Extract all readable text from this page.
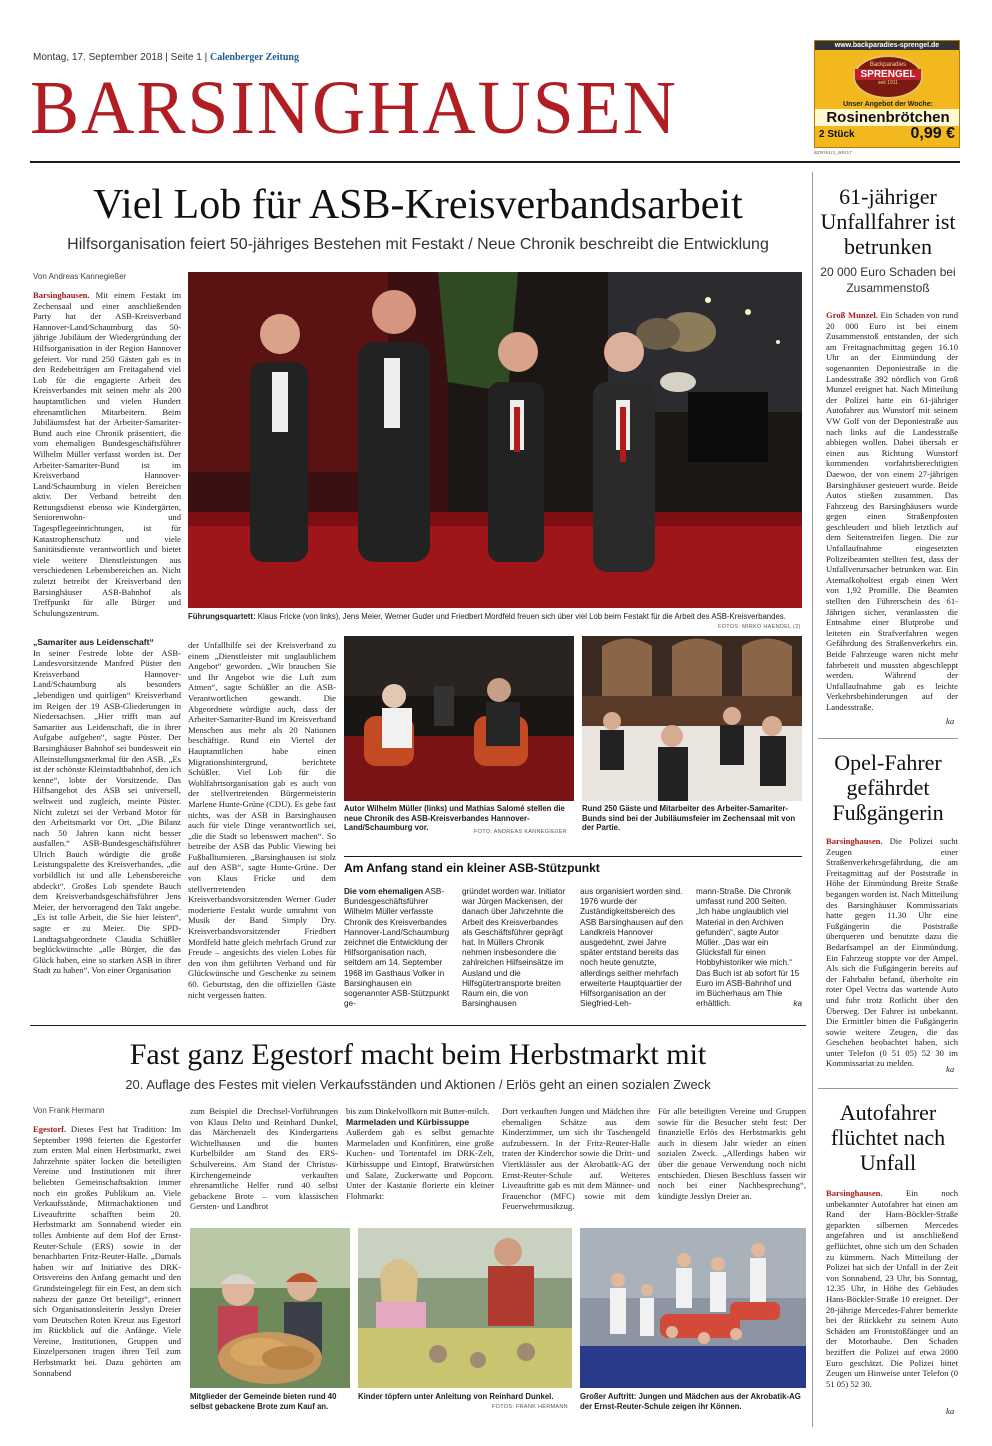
Montag, 17. September 2018 | Seite 1 | Calenberger Zeitung
BARSINGHAUSEN
www.backparadies-sprengel.de
Backparadies
SPRENGEL
seit 1911
Unser Angebot der Woche:
Rosinenbrötchen
2 Stück	0,99 €
BZR/91/1_BR/17
Viel Lob für ASB-Kreisverbandsarbeit
Hilfsorganisation feiert 50-jähriges Bestehen mit Festakt / Neue Chronik beschreibt die Entwicklung
Von Andreas Kannegießer
Barsinghausen. Mit einem Festakt im Zechensaal und einer anschließenden Party hat der ASB-Kreisverband Hannover-Land/Schaumburg das 50-jährige Jubiläum der Wiedergründung der Hilfsorganisation in der Region Hannover gefeiert. Vor rund 250 Gästen gab es in den Redebeiträgen am Freitagabend viel Lob für die engagierte Arbeit des Kreisverbandes mit seinen mehr als 200 hauptamtlichen und vielen Hundert ehrenamtlichen Mitarbeitern. Beim Jubiläumsfest hat der Arbeiter-Samariter-Bund auch eine Chronik präsentiert, die vom ehemaligen Bundesgeschäftsführer Wilhelm Müller verfasst worden ist. Der Arbeiter-Samariter-Bund ist im Kreisverband Hannover-Land/Schaumburg in vielen Bereichen aktiv. Der Verband betreibt den Rettungsdienst ebenso wie Kindergärten, Seniorenwohn- und Tagespflegeeinrichtungen, ist für Katastrophenschutz und viele Sanitätsdienste verantwortlich und bietet viele weitere Dienstleistungen aus verschiedenen Lebensbereichen an. Nicht zuletzt betreibt der Kreisverband den Barsinghäuser ASB-Bahnhof als Treffpunkt für alle Bürger und Schulungszentrum.
„Samariter aus Leidenschaft“
In seiner Festrede lobte der ASB-Landesvorsitzende Manfred Püster den Kreisverband Hannover-Land/Schaumburg als besonders „lebendigen und quirligen“ Kreisverband im Reigen der 19 ASB-Gliederungen in Niedersachsen. „Hier trifft man auf Samariter aus Leidenschaft, die in ihrer Aufgabe aufgehen“, sagte Püster. Der Barsinghäuser Bahnhof sei bundesweit ein Alleinstellungsmerkmal für den ASB. „Es ist der schönste Kleinstadtbahnhof, den ich kenne“, lobte der Vorsitzende. Das Hilfsangebot des ASB sei universell, weltweit und zugleich, meinte Püster. Nicht zuletzt sei der Verband Motor für den Arbeitsmarkt vor Ort. „Die Bilanz nach 50 Jahren kann nicht besser ausfallen.“ ASB-Bundesgeschäftsführer Ulrich Bauch würdigte die große Leistungspalette des Kreisverbandes, „die vorbildlich ist und alle Lebensbereiche abdeckt“. Großes Lob spendete Bauch dem Kreisverbandsgeschäftsführer Jens Meier, der hervorragend den Takt angebe. „Es ist tolle Arbeit, die Sie hier leisten“, sagte er zu Meier. Die SPD-Landtagsabgeordnete Claudia Schüßler beglückwünschte „alle Bürger, die das Glück haben, eine so starken ASB in ihrer Stadt zu haben“. Von einer Organisation
Führungsquartett: Klaus Fricke (von links), Jens Meier, Werner Guder und Friedbert Mordfeld freuen sich über viel Lob beim Festakt für die Arbeit des ASB-Kreisverbandes.
FOTOS: MIRKO HAENDEL (2)
der Unfallhilfe sei der Kreisverband zu einem „Dienstleister mit unglaublichem Angebot“ geworden. „Wir brauchen Sie und Ihr Angebot wie die Luft zum Atmen“, sagte Schüßler an die ASB-Verantwortlichen gewandt. Die Abgeordnete würdigte auch, dass der Arbeiter-Samariter-Bund im Kreisverband Menschen aus mehr als 20 Nationen beschäftige. Rund ein Viertel der Hauptamtlichen habe einen Migrationshintergrund, berichtete Schüßler. Viel Lob für die Wohlfahrtsorganisation gab es auch von der stellvertretenden Bürgermeisterin Marlene Hunte-Grüne (CDU). Es gebe fast nichts, was der ASB in Barsinghausen auch für viele Dinge verantwortlich sei, „die die Stadt so lebenswert machen“. So betreibe der ASB das Public Viewing bei Fußballturnieren. „Barsinghausen ist stolz auf den ASB“, sagte Hunte-Grüne. Der von Klaus Fricke und dem stellvertretenden Kreisverbandsvorsitzenden Werner Guder moderierte Festakt wurde umrahmt von Musik der Band Simply Dry. Kreisverbandsvorsitzender Friedbert Mordfeld hatte gleich mehrfach Grund zur Freude – angesichts des vielen Lobes für den von ihm geführten Verband und für Glückwünsche und Geschenke zu seinem 60. Geburtstag, den die offiziellen Gäste nicht vergessen hatten.
Autor Wilhelm Müller (links) und Mathias Salomé stellen die neue Chronik des ASB-Kreisverbandes Hannover-Land/Schaumburg vor.	FOTO: ANDREAS KANNEGIEßER
Rund 250 Gäste und Mitarbeiter des Arbeiter-Samariter-Bunds sind bei der Jubiläumsfeier im Zechensaal mit von der Partie.
Am Anfang stand ein kleiner ASB-Stützpunkt
Die vom ehemaligen ASB-Bundesgeschäftsführer Wilhelm Müller verfasste Chronik des Kreisverbandes Hannover-Land/Schaumburg zeichnet die Entwicklung der Hilfsorganisation nach, seitdem am 14. September 1968 im Gasthaus Volker in Barsinghausen ein sogenannter ASB-Stützpunkt ge-
gründet worden war. Initiator war Jürgen Mackensen, der danach über Jahrzehnte die Arbeit des Kreisverbandes als Geschäftsführer geprägt hat. In Müllers Chronik nehmen insbesondere die zahlreichen Hilfseinsätze im Ausland und die Hilfsgütertransporte breiten Raum ein, die von Barsinghausen
aus organisiert worden sind. 1976 wurde der Zuständigkeitsbereich des ASB Barsinghausen auf den Landkreis Hannover ausgedehnt, zwei Jahre später entstand bereits das noch heute genutzte, allerdings seither mehrfach erweiterte Hauptquartier der Hilfsorganisation an der Siegfried-Leh-
mann-Straße. Die Chronik umfasst rund 200 Seiten. „Ich habe unglaublich viel Material in den Archiven gefunden“, sagte Autor Müller. „Das war ein Glücksfall für einen Hobbyhistoriker wie mich.“ Das Buch ist ab sofort für 15 Euro im ASB-Bahnhof und im Bücherhaus am Thie erhältlich.	ka
61-jähriger Unfallfahrer ist betrunken
20 000 Euro Schaden bei Zusammenstoß
Groß Munzel. Ein Schaden von rund 20 000 Euro ist bei einem Zusammenstoß entstanden, der sich am Freitagnachmittag gegen 16.10 Uhr an der Einmündung der sogenannten Deponiestraße in die Landesstraße 392 nördlich von Groß Munzel ereignet hat. Nach Mitteilung der Polizei hatte ein 61-jähriger Autofahrer aus Wunstorf mit seinem VW Golf von der Deponiestraße aus nach links auf die Landesstraße abbiegen wollen. Dabei übersah er einen aus Richtung Wunstorf kommenden vorfahrtsberechtigten Daewoo, der von einem 27-jährigen Barsinghäuser gesteuert wurde. Beide Autos stießen zusammen. Das Fahrzeug des Barsinghäusers wurde gegen einen Straßenpfosten geschleudert und blieb letztlich auf dem Seitenstreifen liegen. Die zur Unfallaufnahme eingesetzten Polizeibeamten stellten fest, dass der Unfallverursacher betrunken war. Ein Atemalkoholtest ergab einen Wert von 1,92 Promille. Die Beamten stellten den Führerschein des 61-Jährigen sicher, veranlassten die Entnahme einer Blutprobe und leiteten ein Strafverfahren wegen Gefährdung des Straßenverkehrs ein. Beide Fahrzeuge waren nicht mehr fahrbereit und mussten abgeschleppt werden. Während der Unfallaufnahme gab es leichte Verkehrsbehinderungen auf der Landesstraße.
ka
Opel-Fahrer gefährdet Fußgängerin
Barsinghausen. Die Polizei sucht Zeugen einer Straßenverkehrsgefährdung, die am Freitagmittag auf der Poststraße in Höhe der Einmündung Breite Straße begangen worden ist. Nach Mitteilung des Barsinghäuser Kommissariats hatte gegen 11.30 Uhr eine Fußgängerin die Poststraße überqueren und benutzte dazu die Bedarfsampel an der Einmündung. Ein Fahrzeug stoppte vor der Ampel. Als sich die Fußgängerin bereits auf der Fahrbahn befand, überholte ein roter Opel Vectra das wartende Auto und fuhr trotz Rotlicht über den Überweg. Der Fahrer ist unbekannt. Die Ermittler bitten die Fußgängerin sowie weitere Zeugen, die das Geschehen beobachtet haben, sich unter Telefon (0 51 05) 52 30 im Kommissariat zu melden.
ka
Autofahrer flüchtet nach Unfall
Barsinghausen. Ein noch unbekannter Autofahrer hat einen am Rand der Hans-Böckler-Straße geparkten silbernen Mercedes angefahren und ist anschließend geflüchtet, ohne sich um den Schaden zu kümmern. Nach Mitteilung der Polizei hat sich der Unfall in der Zeit von Sonnabend, 23 Uhr, bis Sonntag, 12.35 Uhr, in Höhe des Gebäudes Hans-Böckler-Straße 10 ereignet. Der 28-jährige Mercedes-Fahrer bemerkte bei der Rückkehr zu seinem Auto Schäden am Frontstoßfänger und an der Motorhaube. Den Schaden beziffert die Polizei auf etwa 2000 Euro geschätzt. Die Polizei bittet Zeugen um Hinweise unter Telefon (0 51 05) 52 30.
ka
Fast ganz Egestorf macht beim Herbstmarkt mit
20. Auflage des Festes mit vielen Verkaufsständen und Aktionen / Erlös geht an einen sozialen Zweck
Von Frank Hermann
Egestorf. Dieses Fest hat Tradition: Im September 1998 feierten die Egestorfer zum ersten Mal einen Herbstmarkt, zwei Jahrzehnte später locken die beteiligten Vereine und Institutionen mit ihrer beliebten Gemeinschaftsaktion immer noch ein großes Publikum an. Viele Verkaufsstände, Mitmachaktionen und Liveauftritte schafften beim 20. Herbstmarkt am Sonnabend wieder ein tolles Ambiente auf dem Hof der Ernst-Reuter-Schule (ERS) sowie in der benachbarten Fritz-Reuter-Halle. „Damals haben wir auf Initiative des DRK-Ortsvereins den Anfang gemacht und den Grundsteingelegt für ein Fest, an dem sich nahezu der ganze Ort beteiligt“, erinnert sich Organisationsleiterin Jesslyn Dreier vom Deutschen Roten Kreuz aus Egestorf im Rückblick auf die Anfänge. Viele Vereine, Institutionen, Gruppen und Einzelpersonen trugen ihren Teil zum Herbstmarkt bei. Dazu gehörten am Sonnabend
zum Beispiel die Drechsel-Vorführungen von Klaus Delto und Reinhard Dunkel, das Märchenzelt des Kindergartens Wichtelhausen und die bunten Kurbelbilder am Stand des ERS-Schulvereins. Am Stand der Christus-Kirchengemeinde verkauften ehrenamtliche Helfer rund 40 selbst gebackene Brote – vom klassischen Gersten- und Landbrot
bis zum Dinkelvollkorn mit Butter-milch.
Marmeladen und Kürbissuppe
Außerdem gab es selbst gemachte Marmeladen und Konfitüren, eine große Kuchen- und Tortentafel im DRK-Zelt, Kürbissuppe und Eintopf, Bratwürstchen und Salate, Zuckerwatte und Popcorn. Unter der Kastanie florierte ein kleiner Flohmarkt:
Dort verkauften Jungen und Mädchen ihre ehemaligen Schätze aus dem Kinderzimmer, um sich ihr Taschengeld aufzubessern. In der Fritz-Reuter-Halle traten der Kinderchor sowie die Dritt- und Viertklässler aus der Akrobatik-AG der Ernst-Reuter-Schule auf. Weiteres Liveauftritte gab es mit dem Männer- und Frauenchor (MFC) sowie mit dem Feuerwehrmusikzug.
Für alle beteiligten Vereine und Gruppen sowie für die Besucher steht fest: Der finanzielle Erlös des Herbstmarkts geht auch in diesem Jahr wieder an einen sozialen Zweck. „Allerdings haben wir über die genaue Verwendung noch nicht entschieden. Diesen Beschluss fassen wir noch bei einer Nachbesprechung“, kündigte Jesslyn Dreier an.
Mitglieder der Gemeinde bieten rund 40 selbst gebackene Brote zum Kauf an.
Kinder töpfern unter Anleitung von Reinhard Dunkel.
FOTOS: FRANK HERMANN
Großer Auftritt: Jungen und Mädchen aus der Akrobatik-AG der Ernst-Reuter-Schule zeigen ihr Können.
